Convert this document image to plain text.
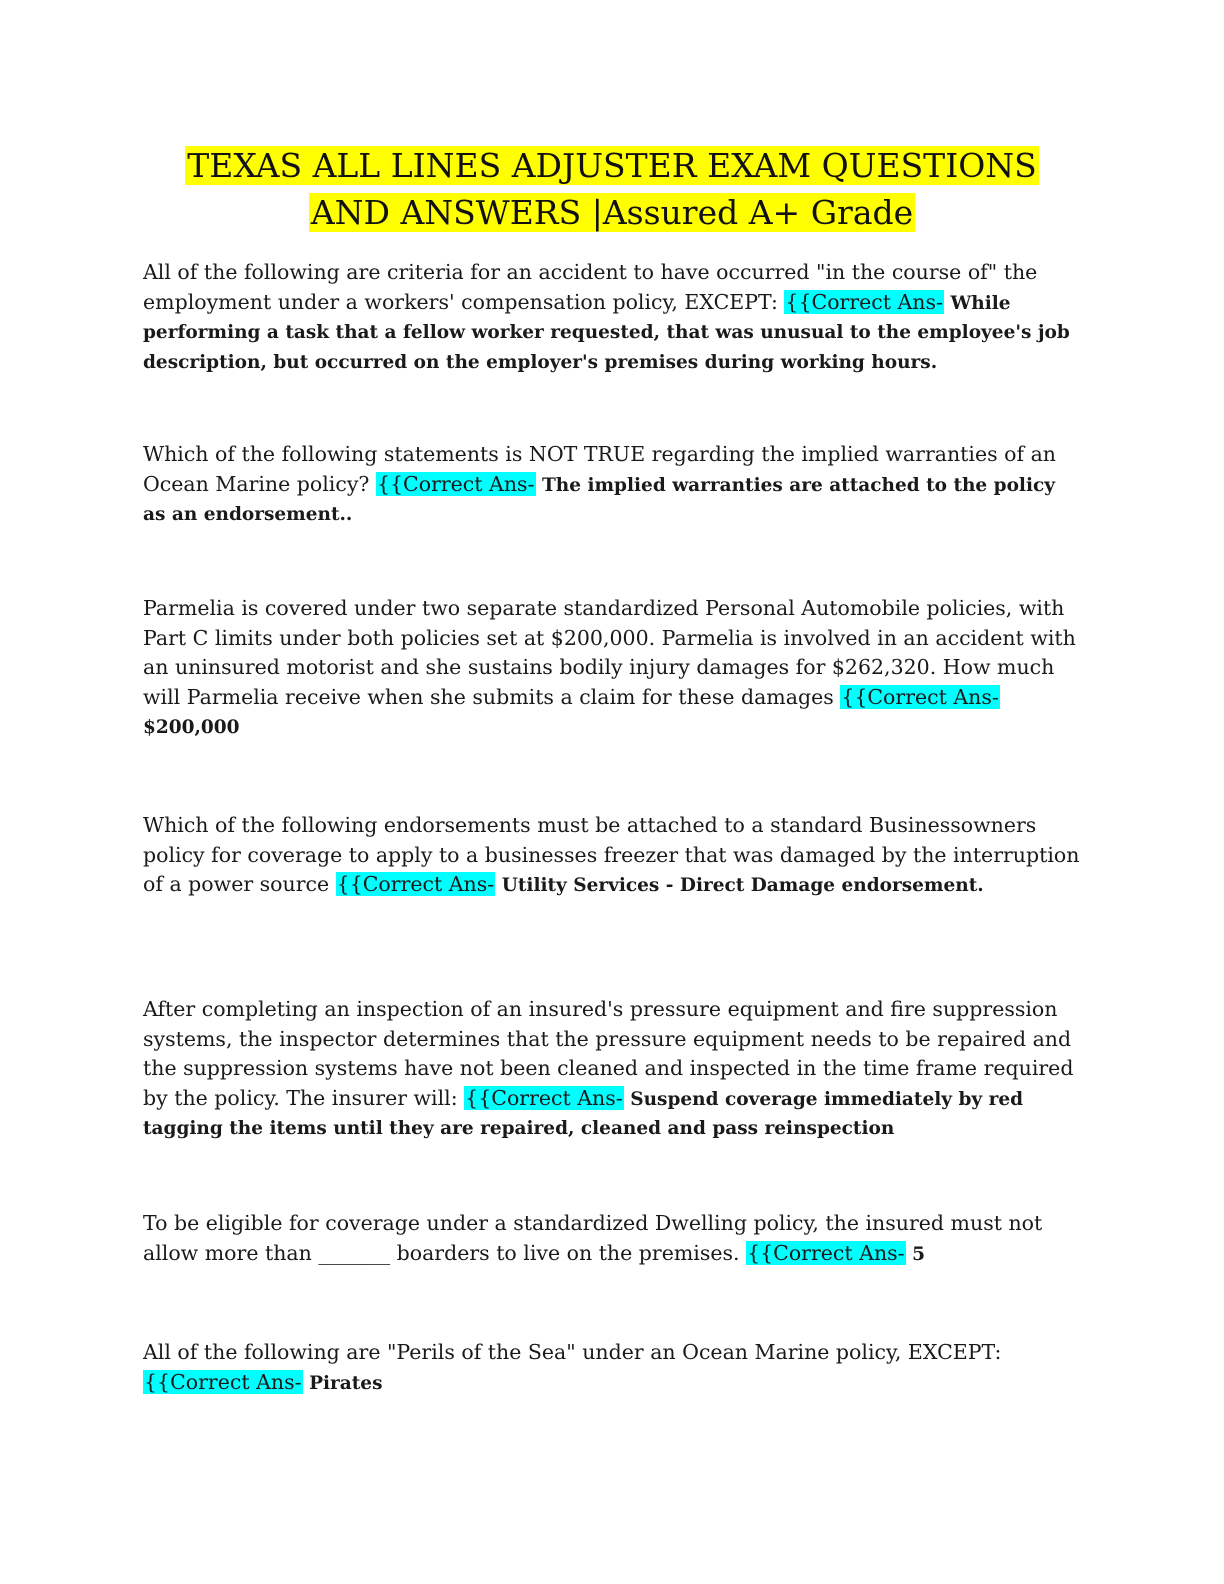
TEXAS ALL LINES ADJUSTER EXAM QUESTIONS
AND ANSWERS |Assured A+ Grade
All of the following are criteria for an accident to have occurred "in the course of" the employment under a workers' compensation policy, EXCEPT: {{Correct Ans- While performing a task that a fellow worker requested, that was unusual to the employee's job description, but occurred on the employer's premises during working hours.
Which of the following statements is NOT TRUE regarding the implied warranties of an Ocean Marine policy? {{Correct Ans- The implied warranties are attached to the policy as an endorsement..
Parmelia is covered under two separate standardized Personal Automobile policies, with Part C limits under both policies set at $200,000. Parmelia is involved in an accident with an uninsured motorist and she sustains bodily injury damages for $262,320. How much will Parmelia receive when she submits a claim for these damages {{Correct Ans- $200,000
Which of the following endorsements must be attached to a standard Businessowners policy for coverage to apply to a businesses freezer that was damaged by the interruption of a power source {{Correct Ans- Utility Services - Direct Damage endorsement.
After completing an inspection of an insured's pressure equipment and fire suppression systems, the inspector determines that the pressure equipment needs to be repaired and the suppression systems have not been cleaned and inspected in the time frame required by the policy. The insurer will: {{Correct Ans- Suspend coverage immediately by red tagging the items until they are repaired, cleaned and pass reinspection
To be eligible for coverage under a standardized Dwelling policy, the insured must not allow more than _______ boarders to live on the premises. {{Correct Ans- 5
All of the following are "Perils of the Sea" under an Ocean Marine policy, EXCEPT: {{Correct Ans- Pirates
